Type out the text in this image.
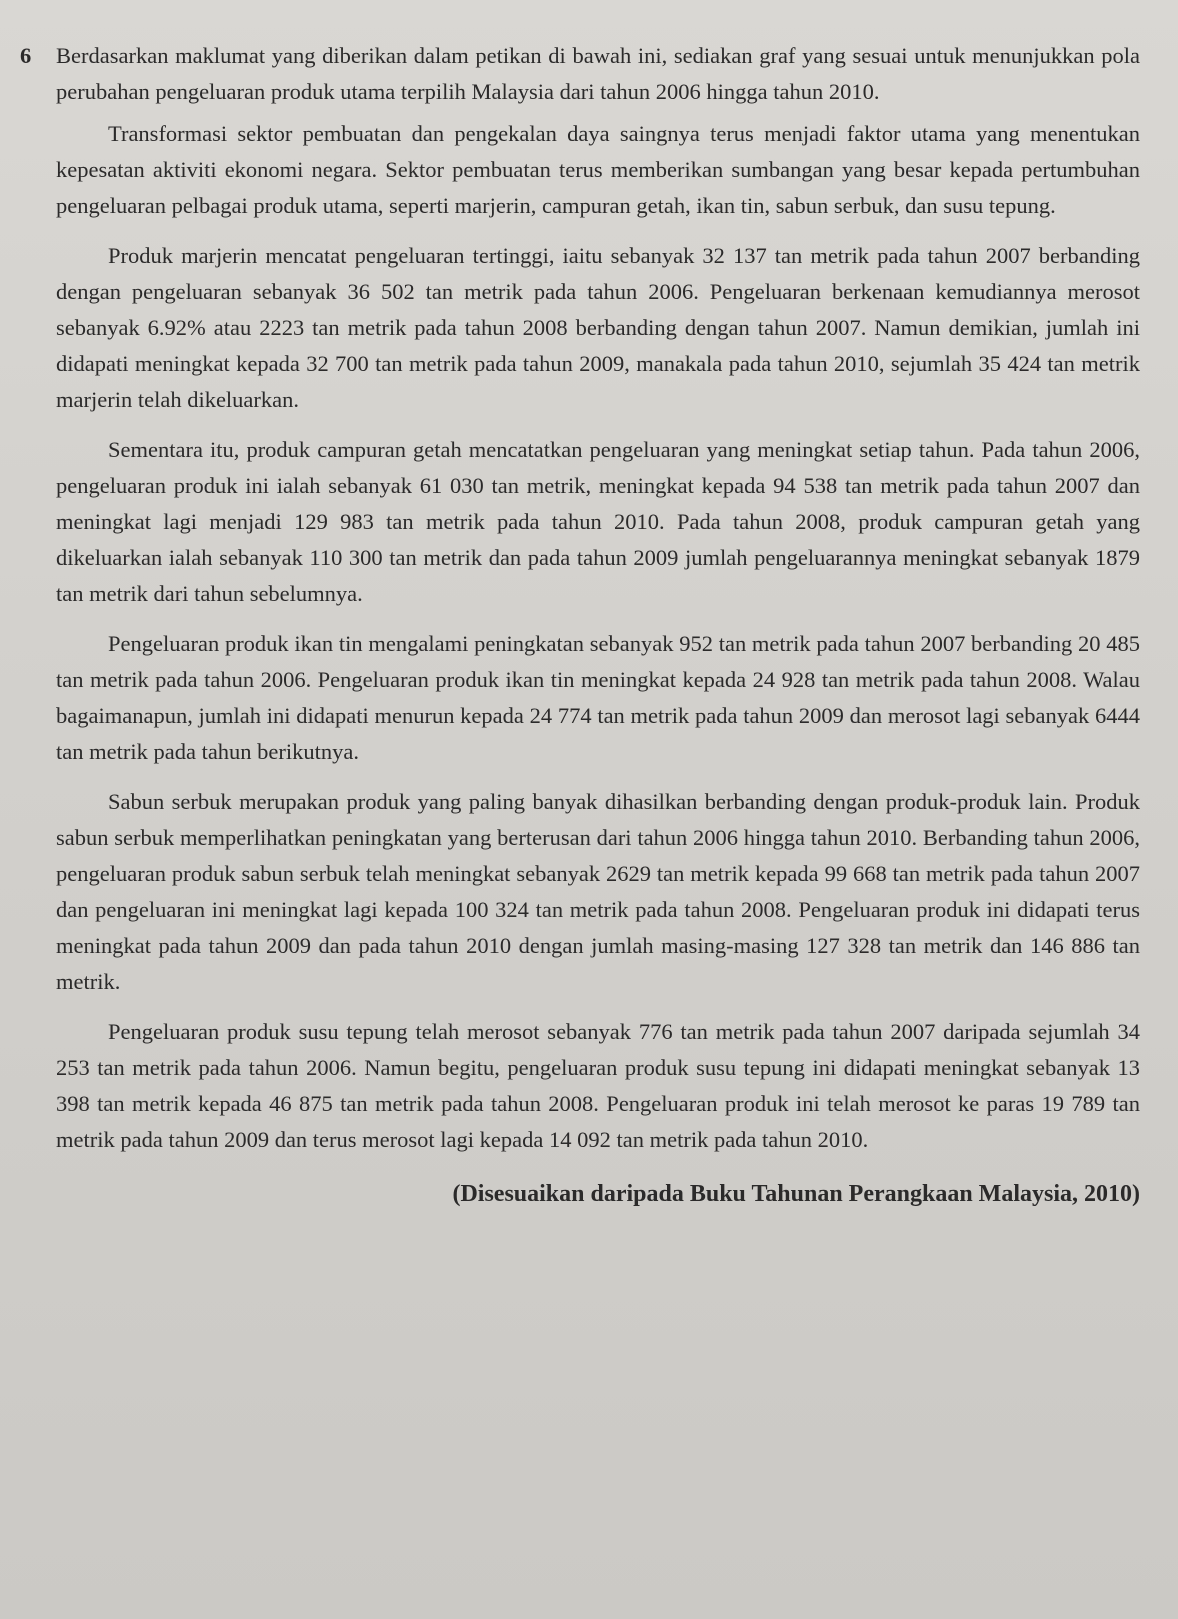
6 Berdasarkan maklumat yang diberikan dalam petikan di bawah ini, sediakan graf yang sesuai untuk menunjukkan pola perubahan pengeluaran produk utama terpilih Malaysia dari tahun 2006 hingga tahun 2010.

Transformasi sektor pembuatan dan pengekalan daya saingnya terus menjadi faktor utama yang menentukan kepesatan aktiviti ekonomi negara. Sektor pembuatan terus memberikan sumbangan yang besar kepada pertumbuhan pengeluaran pelbagai produk utama, seperti marjerin, campuran getah, ikan tin, sabun serbuk, dan susu tepung.

Produk marjerin mencatat pengeluaran tertinggi, iaitu sebanyak 32 137 tan metrik pada tahun 2007 berbanding dengan pengeluaran sebanyak 36 502 tan metrik pada tahun 2006. Pengeluaran berkenaan kemudiannya merosot sebanyak 6.92% atau 2223 tan metrik pada tahun 2008 berbanding dengan tahun 2007. Namun demikian, jumlah ini didapati meningkat kepada 32 700 tan metrik pada tahun 2009, manakala pada tahun 2010, sejumlah 35 424 tan metrik marjerin telah dikeluarkan.

Sementara itu, produk campuran getah mencatatkan pengeluaran yang meningkat setiap tahun. Pada tahun 2006, pengeluaran produk ini ialah sebanyak 61 030 tan metrik, meningkat kepada 94 538 tan metrik pada tahun 2007 dan meningkat lagi menjadi 129 983 tan metrik pada tahun 2010. Pada tahun 2008, produk campuran getah yang dikeluarkan ialah sebanyak 110 300 tan metrik dan pada tahun 2009 jumlah pengeluarannya meningkat sebanyak 1879 tan metrik dari tahun sebelumnya.

Pengeluaran produk ikan tin mengalami peningkatan sebanyak 952 tan metrik pada tahun 2007 berbanding 20 485 tan metrik pada tahun 2006. Pengeluaran produk ikan tin meningkat kepada 24 928 tan metrik pada tahun 2008. Walau bagaimanapun, jumlah ini didapati menurun kepada 24 774 tan metrik pada tahun 2009 dan merosot lagi sebanyak 6444 tan metrik pada tahun berikutnya.

Sabun serbuk merupakan produk yang paling banyak dihasilkan berbanding dengan produk-produk lain. Produk sabun serbuk memperlihatkan peningkatan yang berterusan dari tahun 2006 hingga tahun 2010. Berbanding tahun 2006, pengeluaran produk sabun serbuk telah meningkat sebanyak 2629 tan metrik kepada 99 668 tan metrik pada tahun 2007 dan pengeluaran ini meningkat lagi kepada 100 324 tan metrik pada tahun 2008. Pengeluaran produk ini didapati terus meningkat pada tahun 2009 dan pada tahun 2010 dengan jumlah masing-masing 127 328 tan metrik dan 146 886 tan metrik.

Pengeluaran produk susu tepung telah merosot sebanyak 776 tan metrik pada tahun 2007 daripada sejumlah 34 253 tan metrik pada tahun 2006. Namun begitu, pengeluaran produk susu tepung ini didapati meningkat sebanyak 13 398 tan metrik kepada 46 875 tan metrik pada tahun 2008. Pengeluaran produk ini telah merosot ke paras 19 789 tan metrik pada tahun 2009 dan terus merosot lagi kepada 14 092 tan metrik pada tahun 2010.

(Disesuaikan daripada Buku Tahunan Perangkaan Malaysia, 2010)
